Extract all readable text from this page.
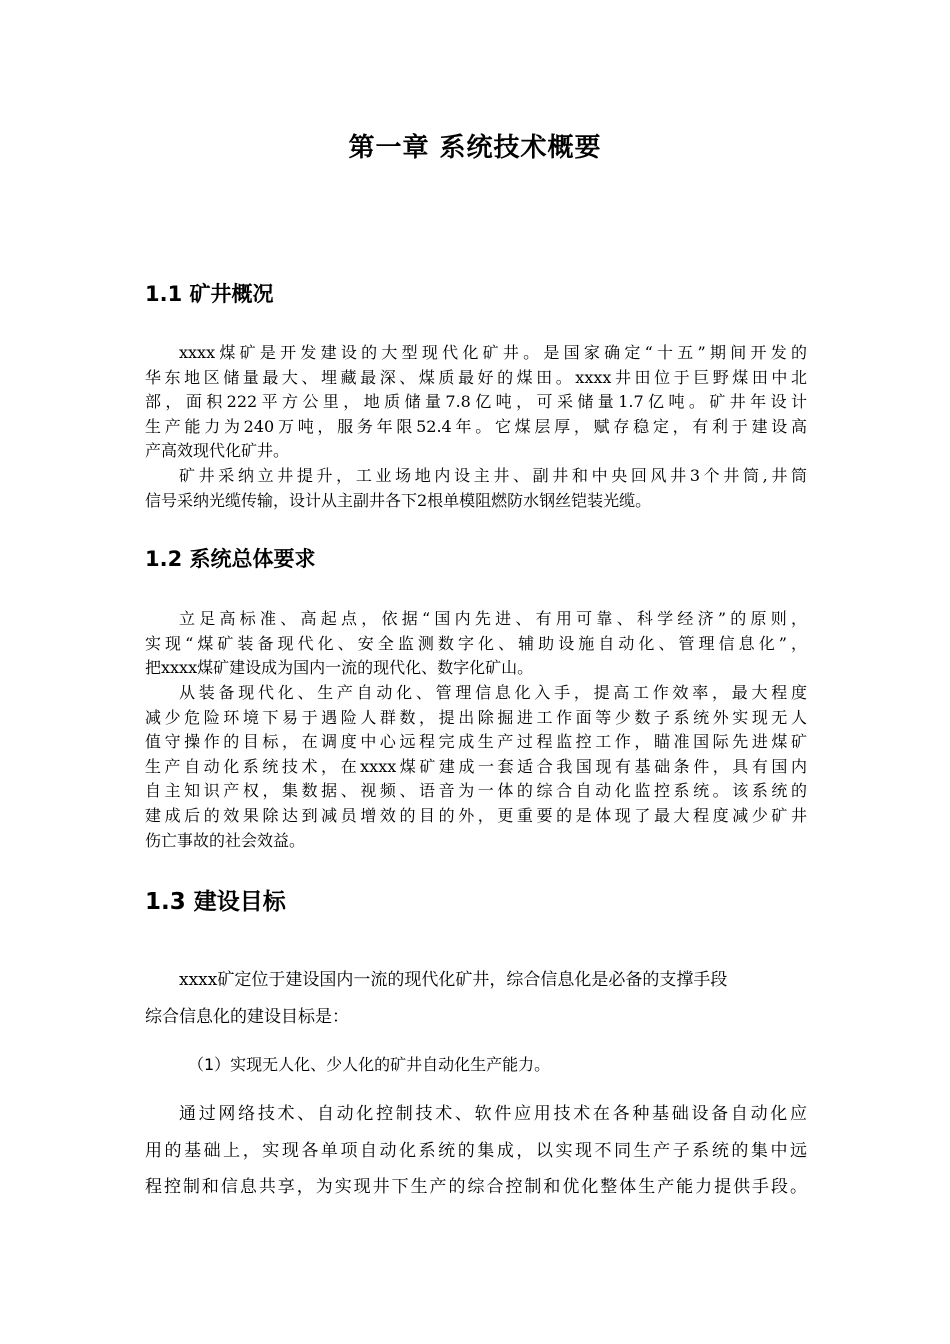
第一章 系统技术概要
1.1 矿井概况
xxxx煤矿是开发建设的大型现代化矿井。是国家确定“十五”期间开发的
华东地区储量最大、埋藏最深、煤质最好的煤田。xxxx井田位于巨野煤田中北
部，面积222平方公里，地质储量7.8亿吨，可采储量1.7亿吨。矿井年设计
生产能力为240万吨，服务年限52.4年。它煤层厚，赋存稳定，有利于建设高
产高效现代化矿井。
矿井采纳立井提升，工业场地内设主井、副井和中央回风井3个井筒,井筒
信号采纳光缆传输，设计从主副井各下2根单模阻燃防水钢丝铠装光缆。
1.2 系统总体要求
立足高标准、高起点，依据“国内先进、有用可靠、科学经济”的原则，
实现“煤矿装备现代化、安全监测数字化、辅助设施自动化、管理信息化”，
把xxxx煤矿建设成为国内一流的现代化、数字化矿山。
从装备现代化、生产自动化、管理信息化入手，提高工作效率，最大程度
减少危险环境下易于遇险人群数，提出除掘进工作面等少数子系统外实现无人
值守操作的目标，在调度中心远程完成生产过程监控工作，瞄准国际先进煤矿
生产自动化系统技术，在xxxx煤矿建成一套适合我国现有基础条件，具有国内
自主知识产权，集数据、视频、语音为一体的综合自动化监控系统。该系统的
建成后的效果除达到减员增效的目的外，更重要的是体现了最大程度减少矿井
伤亡事故的社会效益。
1.3 建设目标
xxxx矿定位于建设国内一流的现代化矿井，综合信息化是必备的支撑手段
综合信息化的建设目标是：
（1）实现无人化、少人化的矿井自动化生产能力。
通过网络技术、自动化控制技术、软件应用技术在各种基础设备自动化应
用的基础上，实现各单项自动化系统的集成，以实现不同生产子系统的集中远
程控制和信息共享，为实现井下生产的综合控制和优化整体生产能力提供手段。
